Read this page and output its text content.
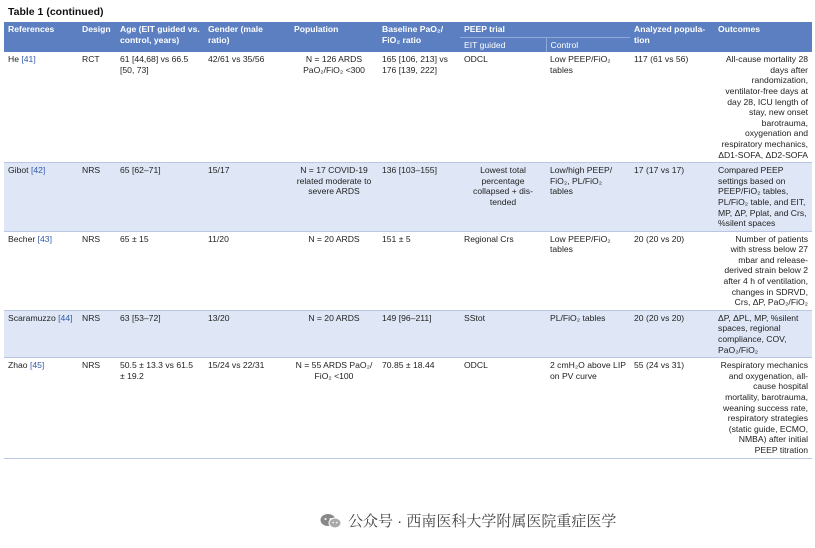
Table 1 (continued)
References	Design	Age (EIT guided vs. control, years)	Gender (male ratio)	Population	Baseline PaO₂/ FiO₂ ratio	PEEP trial		Analyzed popula- tion	Outcomes
						EIT guided	Control		
He [41]	RCT	61 [44,68] vs 66.5 [50, 73]	42/61 vs 35/56	N = 126 ARDS PaO₂/FiO₂ <300	165 [106, 213] vs 176 [139, 222]	ODCL	Low PEEP/FiO₂ tables	117 (61 vs 56)	All-cause mortality 28 days after randomization, ventilator-free days at day 28, ICU length of stay, new onset barotrauma, oxygenation and respiratory mechanics, ΔD1-SOFA, ΔD2-SOFA
Gibot [42]	NRS	65 [62–71]	15/17	N = 17 COVID-19 related moderate to severe ARDS	136 [103–155]	Lowest total percentage collapsed + dis- tended	Low/high PEEP/ FiO₂, PL/FiO₂ tables	17 (17 vs 17)	Compared PEEP settings based on PEEP/FiO₂ tables, PL/FiO₂ table, and EIT, MP, ΔP, Pplat, and Crs, %silent spaces
Becher [43]	NRS	65 ± 15	11/20	N = 20 ARDS	151 ± 5	Regional Crs	Low PEEP/FiO₂ tables	20 (20 vs 20)	Number of patients with stress below 27 mbar and release-derived strain below 2 after 4 h of ventilation, changes in SDRVD, Crs, ΔP, PaO₂/FiO₂
Scaramuzzo [44]	NRS	63 [53–72]	13/20	N = 20 ARDS	149 [96–211]	SStot	PL/FiO₂ tables	20 (20 vs 20)	ΔP, ΔPL, MP, %silent spaces, regional compliance, COV, PaO₂/FiO₂
Zhao [45]	NRS	50.5 ± 13.3 vs 61.5 ± 19.2	15/24 vs 22/31	N = 55 ARDS PaO₂/ FiO₂ <100	70.85 ± 18.44	ODCL	2 cmH₂O above LIP on PV curve	55 (24 vs 31)	Respiratory mechanics and oxygenation, all-cause hospital mortality, barotrauma, weaning success rate, respiratory strategies (static guide, ECMO, NMBA) after initial PEEP titration
公众号 · 西南医科大学附属医院重症医学
